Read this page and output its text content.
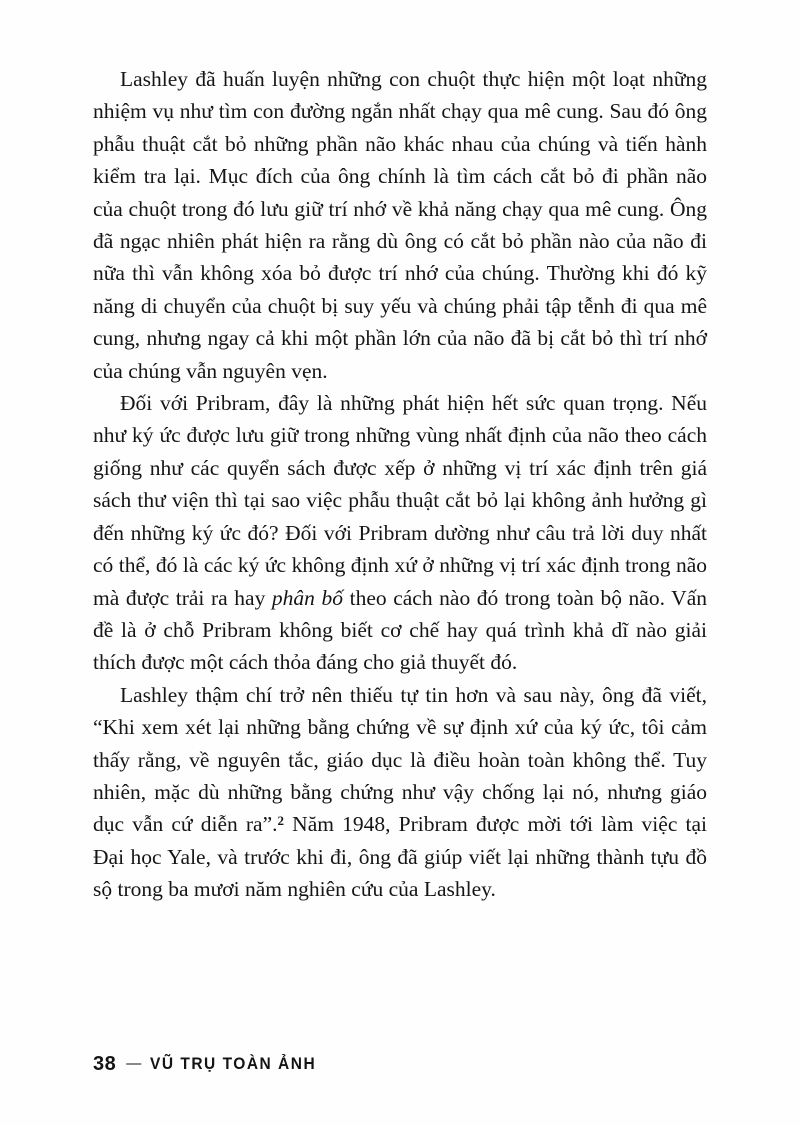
Lashley đã huấn luyện những con chuột thực hiện một loạt những nhiệm vụ như tìm con đường ngắn nhất chạy qua mê cung. Sau đó ông phẫu thuật cắt bỏ những phần não khác nhau của chúng và tiến hành kiểm tra lại. Mục đích của ông chính là tìm cách cắt bỏ đi phần não của chuột trong đó lưu giữ trí nhớ về khả năng chạy qua mê cung. Ông đã ngạc nhiên phát hiện ra rằng dù ông có cắt bỏ phần nào của não đi nữa thì vẫn không xóa bỏ được trí nhớ của chúng. Thường khi đó kỹ năng di chuyển của chuột bị suy yếu và chúng phải tập tễnh đi qua mê cung, nhưng ngay cả khi một phần lớn của não đã bị cắt bỏ thì trí nhớ của chúng vẫn nguyên vẹn.

Đối với Pribram, đây là những phát hiện hết sức quan trọng. Nếu như ký ức được lưu giữ trong những vùng nhất định của não theo cách giống như các quyển sách được xếp ở những vị trí xác định trên giá sách thư viện thì tại sao việc phẫu thuật cắt bỏ lại không ảnh hưởng gì đến những ký ức đó? Đối với Pribram dường như câu trả lời duy nhất có thể, đó là các ký ức không định xứ ở những vị trí xác định trong não mà được trải ra hay phân bố theo cách nào đó trong toàn bộ não. Vấn đề là ở chỗ Pribram không biết cơ chế hay quá trình khả dĩ nào giải thích được một cách thỏa đáng cho giả thuyết đó.

Lashley thậm chí trở nên thiếu tự tin hơn và sau này, ông đã viết, “Khi xem xét lại những bằng chứng về sự định xứ của ký ức, tôi cảm thấy rằng, về nguyên tắc, giáo dục là điều hoàn toàn không thể. Tuy nhiên, mặc dù những bằng chứng như vậy chống lại nó, nhưng giáo dục vẫn cứ diễn ra”.$^2$ Năm 1948, Pribram được mời tới làm việc tại Đại học Yale, và trước khi đi, ông đã giúp viết lại những thành tựu đồ sộ trong ba mươi năm nghiên cứu của Lashley.

38 — VŨ TRỤ TOÀN ẢNH
